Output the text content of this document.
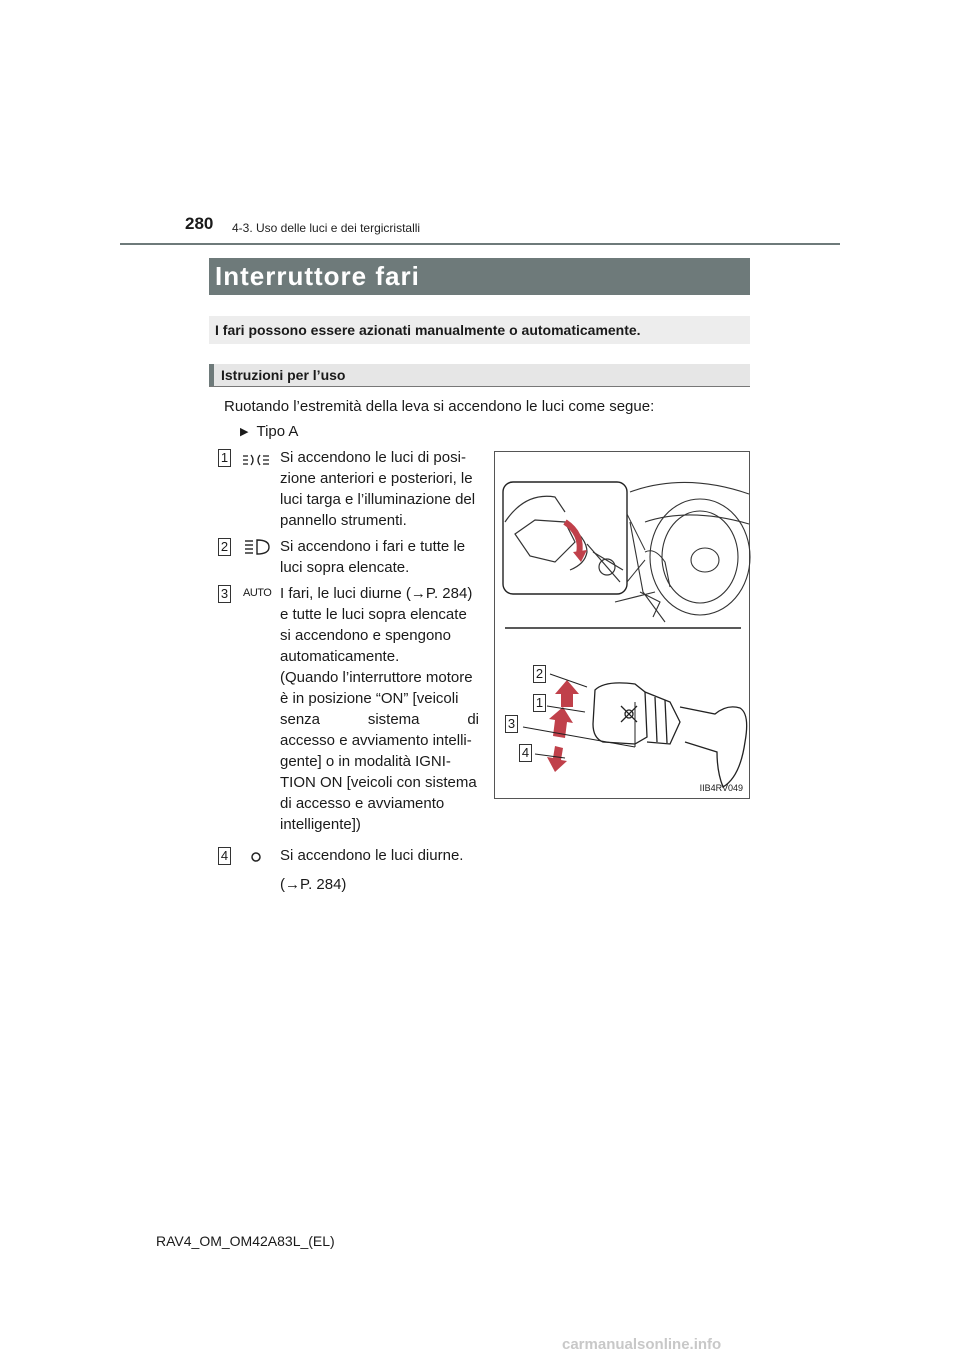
280 4-3. Uso delle luci e dei tergicristalli
Interruttore fari
I fari possono essere azionati manualmente o automaticamente.
Istruzioni per l’uso
Ruotando l’estremità della leva si accendono le luci come segue:
▶ Tipo A
1	Si accendono le luci di posi-
zione anteriori e posteriori, le
luci targa e l’illuminazione del
pannello strumenti.
2	Si accendono i fari e tutte le
luci sopra elencate.
3 AUTO I fari, le luci diurne (→P. 284)
e tutte le luci sopra elencate
si accendono e spengono
automaticamente.
(Quando l’interruttore motore
è in posizione “ON” [veicoli
senza sistema di
accesso e avviamento intelli-
gente] o in modalità IGNI-
TION ON [veicoli con sistema
di accesso e avviamento
intelligente])
4	Si accendono le luci diurne.
(→P. 284)
2
1
3
4
IIB4RV049
RAV4_OM_OM42A83L_(EL)
carmanualsonline.info
